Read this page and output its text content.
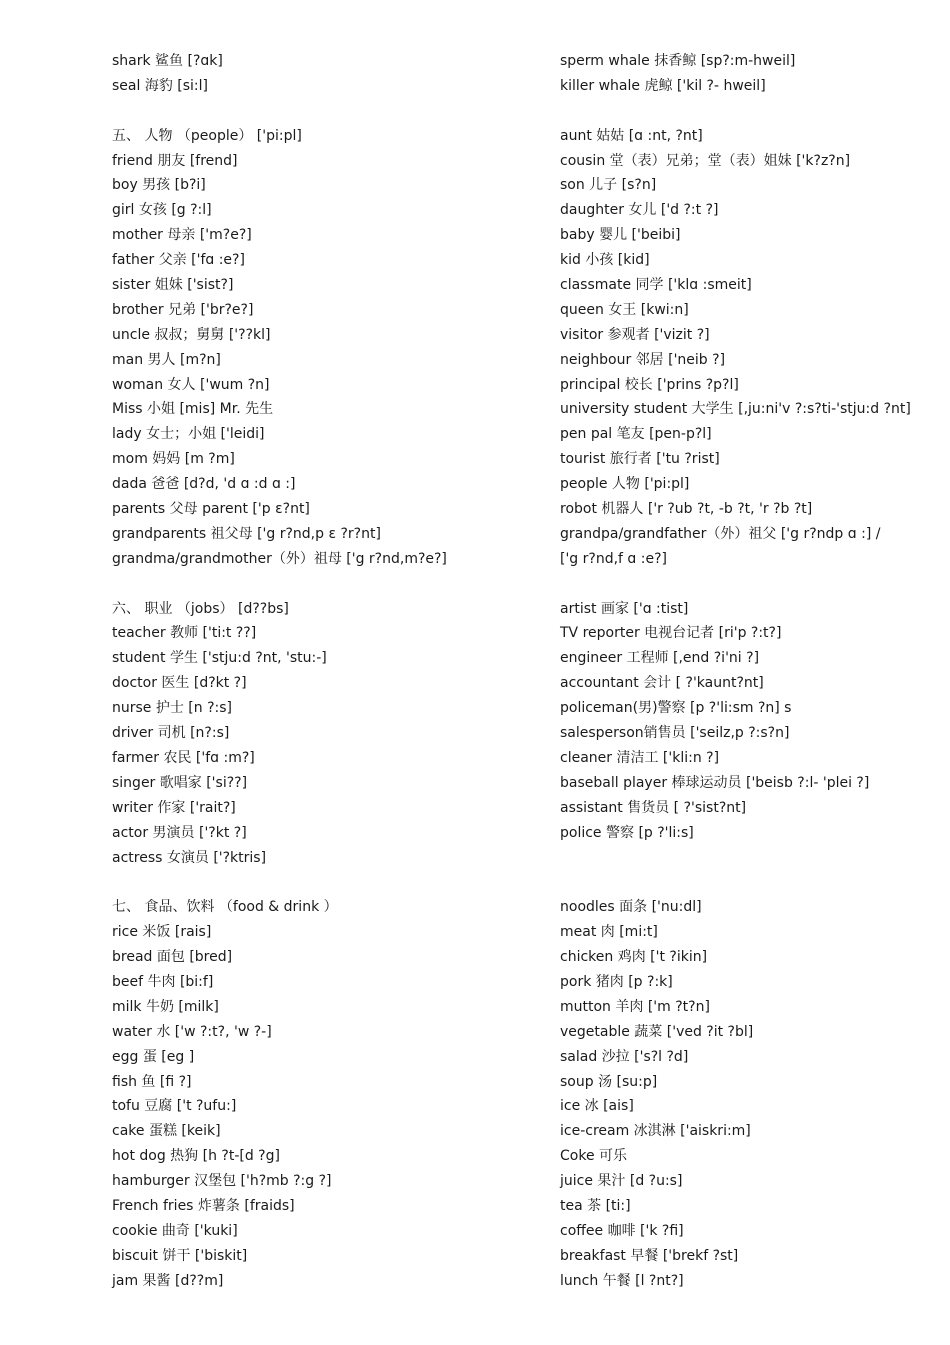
shark 鲨鱼 [?ɑk]
seal 海豹 [si:l]
五、 人物 （people） ['pi:pl]
friend 朋友 [frend]
boy 男孩 [b?i]
girl 女孩 [g ?:l]
mother 母亲 ['m?e?]
father 父亲 ['fɑ :e?]
sister 姐妹 ['sist?]
brother 兄弟 ['br?e?]
uncle 叔叔；舅舅 ['??kl]
man 男人 [m?n]
woman 女人 ['wum ?n]
Miss 小姐 [mis] Mr. 先生
lady 女士；小姐 ['leidi]
mom 妈妈 [m ?m]
dada 爸爸 [d?d, 'd ɑ :d ɑ :]
parents 父母 parent ['p ɛ?nt]
grandparents 祖父母 ['g r?nd,p ε ?r?nt]
grandma/grandmother（外）祖母 ['g r?nd,m?e?]
六、 职业 （jobs） [d??bs]
teacher 教师 ['ti:t ??]
student 学生 ['stju:d ?nt, 'stu:-]
doctor 医生 [d?kt ?]
nurse 护士 [n ?:s]
driver 司机 [n?:s]
farmer 农民 ['fɑ :m?]
singer 歌唱家 ['si??]
writer 作家 ['rait?]
actor 男演员 ['?kt ?]
actress 女演员 ['?ktris]
七、 食品、饮料 （food & drink ）
rice 米饭 [rais]
bread 面包 [bred]
beef 牛肉 [bi:f]
milk 牛奶 [milk]
water 水 ['w ?:t?, 'w ?-]
egg 蛋 [eg ]
fish 鱼 [fi ?]
tofu 豆腐 ['t ?ufu:]
cake 蛋糕 [keik]
hot dog 热狗 [h ?t-[d ?g]
hamburger 汉堡包 ['h?mb ?:g ?]
French fries 炸薯条 [fraids]
cookie 曲奇 ['kuki]
biscuit 饼干 ['biskit]
jam 果酱 [d??m]
sperm whale 抹香鲸 [sp?:m-hweil]
killer whale 虎鲸 ['kil ?- hweil]
aunt 姑姑 [ɑ :nt, ?nt]
cousin 堂（表）兄弟；堂（表）姐妹 ['k?z?n]
son 儿子 [s?n]
daughter 女儿 ['d ?:t ?]
baby 婴儿 ['beibi]
kid 小孩 [kid]
classmate 同学 ['klɑ :smeit]
queen 女王 [kwi:n]
visitor 参观者 ['vizit ?]
neighbour 邻居 ['neib ?]
principal 校长 ['prins ?p?l]
university student 大学生 [,ju:ni'v ?:s?ti-'stju:d ?nt]
pen pal 笔友 [pen-p?l]
tourist 旅行者 ['tu ?rist]
people 人物 ['pi:pl]
robot 机器人 ['r ?ub ?t, -b ?t, 'r ?b ?t]
grandpa/grandfather（外）祖父 ['g r?ndp ɑ :] /
['g r?nd,f ɑ :e?]
artist 画家 ['ɑ :tist]
TV reporter 电视台记者 [ri'p ?:t?]
engineer 工程师 [,end ?i'ni ?]
accountant 会计 [ ?'kaunt?nt]
policeman(男)警察 [p ?'li:sm ?n] s
salesperson销售员 ['seilz,p ?:s?n]
cleaner 清洁工 ['kli:n ?]
baseball player 棒球运动员 ['beisb ?:l- 'plei ?]
assistant 售货员 [ ?'sist?nt]
police 警察 [p ?'li:s]
noodles 面条 ['nu:dl]
meat 肉 [mi:t]
chicken 鸡肉 ['t ?ikin]
pork 猪肉 [p ?:k]
mutton 羊肉 ['m ?t?n]
vegetable 蔬菜 ['ved ?it ?bl]
salad 沙拉 ['s?l ?d]
soup 汤 [su:p]
ice 冰 [ais]
ice-cream 冰淇淋 ['aiskri:m]
Coke 可乐
juice 果汁 [d ?u:s]
tea 茶 [ti:]
coffee 咖啡 ['k ?fi]
breakfast 早餐 ['brekf ?st]
lunch 午餐 [l ?nt?]
